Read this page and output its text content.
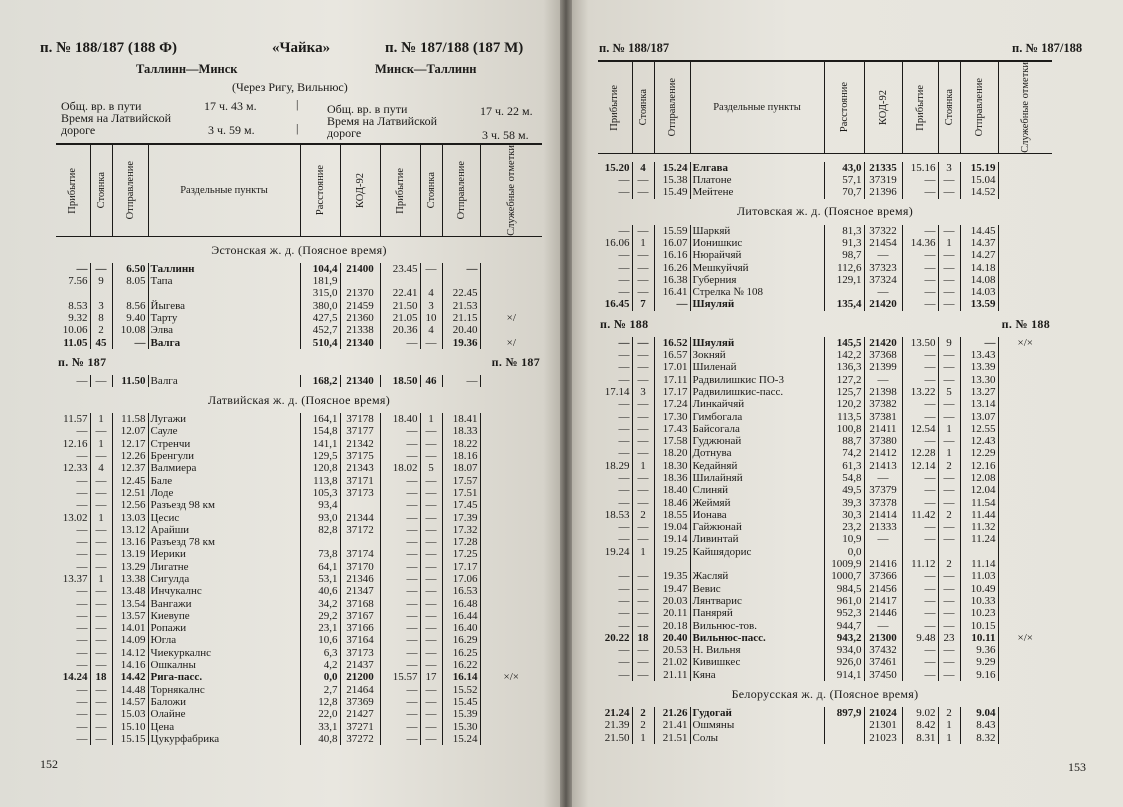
п. № 188/187 (188 Ф)	«Чайка»	п. № 187/188 (187 М)
Таллинн—Минск	Минск—Таллинн
(Через Ригу, Вильнюс)
Общ. вр. в пути	17 ч. 43 м.
Время на Латвийской
дороге	3 ч. 59 м.
|
|
Общ. вр. в пути	17 ч. 22 м.
Время на Латвийской
дороге	3 ч. 58 м.
Прибытие	Стоянка	Отправление	Раздельные пункты	Расстояние	КОД-92	Прибытие	Стоянка	Отправление	Служебные отметки

Эстонская ж. д. (Поясное время)									
—	—	6.50	Таллинн	104,4	21400	23.45	—	—	
7.56	9	8.05	Тапа	181,9					
				315,0	21370	22.41	4	22.45	
8.53	3	8.56	Йыгева	380,0	21459	21.50	3	21.53	
9.32	8	9.40	Тарту	427,5	21360	21.05	10	21.15	×/
10.06	2	10.08	Элва	452,7	21338	20.36	4	20.40	
11.05	45	—	Валга	510,4	21340	—	—	19.36	×/
п. № 187					п. № 187				
—	—	11.50	Валга	168,2	21340	18.50	46	—	
Латвийская ж. д. (Поясное время)									
11.57	1	11.58	Лугажи	164,1	37178	18.40	1	18.41	
—	—	12.07	Сауле	154,8	37177	—	—	18.33	
12.16	1	12.17	Стренчи	141,1	21342	—	—	18.22	
—	—	12.26	Бренгули	129,5	37175	—	—	18.16	
12.33	4	12.37	Валмиера	120,8	21343	18.02	5	18.07	
—	—	12.45	Бале	113,8	37171	—	—	17.57	
—	—	12.51	Лоде	105,3	37173	—	—	17.51	
—	—	12.56	Разъезд 98 км	93,4		—	—	17.45	
13.02	1	13.03	Цесис	93,0	21344	—	—	17.39	
—	—	13.12	Арайши	82,8	37172	—	—	17.32	
—	—	13.16	Разъезд 78 км			—	—	17.28	
—	—	13.19	Иерики	73,8	37174	—	—	17.25	
—	—	13.29	Лигатне	64,1	37170	—	—	17.17	
13.37	1	13.38	Сигулда	53,1	21346	—	—	17.06	
—	—	13.48	Инчукалнс	40,6	21347	—	—	16.53	
—	—	13.54	Вангажи	34,2	37168	—	—	16.48	
—	—	13.57	Киевупе	29,2	37167	—	—	16.44	
—	—	14.01	Ропажи	23,1	37166	—	—	16.40	
—	—	14.09	Югла	10,6	37164	—	—	16.29	
—	—	14.12	Чиекуркалнс	6,3	37173	—	—	16.25	
—	—	14.16	Ошкалны	4,2	21437	—	—	16.22	
14.24	18	14.42	Рига-пасс.	0,0	21200	15.57	17	16.14	×/×
—	—	14.48	Торнякалнс	2,7	21464	—	—	15.52	
—	—	14.57	Баложи	12,8	37369	—	—	15.45	
—	—	15.03	Олайне	22,0	21427	—	—	15.39	
—	—	15.10	Цена	33,1	37271	—	—	15.30	
—	—	15.15	Цукурфабрика	40,8	37272	—	—	15.24	
152
п. № 188/187	п. № 187/188
Прибытие	Стоянка	Отправление	Раздельные пункты	Расстояние	КОД-92	Прибытие	Стоянка	Отправление	Служебные отметки

15.20	4	15.24	Елгава	43,0	21335	15.16	3	15.19	
—	—	15.38	Платоне	57,1	37319	—	—	15.04	
—	—	15.49	Мейтене	70,7	21396	—	—	14.52	
Литовская ж. д. (Поясное время)									
—	—	15.59	Шаркяй	81,3	37322	—	—	14.45	
16.06	1	16.07	Ионишкис	91,3	21454	14.36	1	14.37	
—	—	16.16	Нюрайчяй	98,7	—	—	—	14.27	
—	—	16.26	Мешкуйчяй	112,6	37323	—	—	14.18	
—	—	16.38	Губерния	129,1	37324	—	—	14.08	
—	—	16.41	Стрелка № 108		—	—	—	14.03	
16.45	7	—	Шяуляй	135,4	21420	—	—	13.59	
п. № 188					п. № 188				
—	—	16.52	Шяуляй	145,5	21420	13.50	9	—	×/×
—	—	16.57	Зокняй	142,2	37368	—	—	13.43	
—	—	17.01	Шиленай	136,3	21399	—	—	13.39	
—	—	17.11	Радвилишкис ПО-3	127,2	—	—	—	13.30	
17.14	3	17.17	Радвилишкис-пасс.	125,7	21398	13.22	5	13.27	
—	—	17.24	Линкайчяй	120,2	37382	—	—	13.14	
—	—	17.30	Гимбогала	113,5	37381	—	—	13.07	
—	—	17.43	Байсогала	100,8	21411	12.54	1	12.55	
—	—	17.58	Гуджюнай	88,7	37380	—	—	12.43	
—	—	18.20	Дотнува	74,2	21412	12.28	1	12.29	
18.29	1	18.30	Кедайняй	61,3	21413	12.14	2	12.16	
—	—	18.36	Шилайняй	54,8	—	—	—	12.08	
—	—	18.40	Слиняй	49,5	37379	—	—	12.04	
—	—	18.46	Жеймяй	39,3	37378	—	—	11.54	
18.53	2	18.55	Ионава	30,3	21414	11.42	2	11.44	
—	—	19.04	Гайжюнай	23,2	21333	—	—	11.32	
—	—	19.14	Ливинтай	10,9	—	—	—	11.24	
19.24	1	19.25	Кайшядорис	0,0					
				1009,9	21416	11.12	2	11.14	
—	—	19.35	Жасляй	1000,7	37366	—	—	11.03	
—	—	19.47	Вевис	984,5	21456	—	—	10.49	
—	—	20.03	Лянтварис	961,0	21417	—	—	10.33	
—	—	20.11	Паняряй	952,3	21446	—	—	10.23	
—	—	20.18	Вильнюс-тов.	944,7	—	—	—	10.15	
20.22	18	20.40	Вильнюс-пасс.	943,2	21300	9.48	23	10.11	×/×
—	—	20.53	Н. Вильня	934,0	37432	—	—	9.36	
—	—	21.02	Кивишкес	926,0	37461	—	—	9.29	
—	—	21.11	Кяна	914,1	37450	—	—	9.16	
Белорусская ж. д. (Поясное время)									
21.24	2	21.26	Гудогай	897,9	21024	9.02	2	9.04	
21.39	2	21.41	Ошмяны		21301	8.42	1	8.43	
21.50	1	21.51	Солы		21023	8.31	1	8.32	
153
